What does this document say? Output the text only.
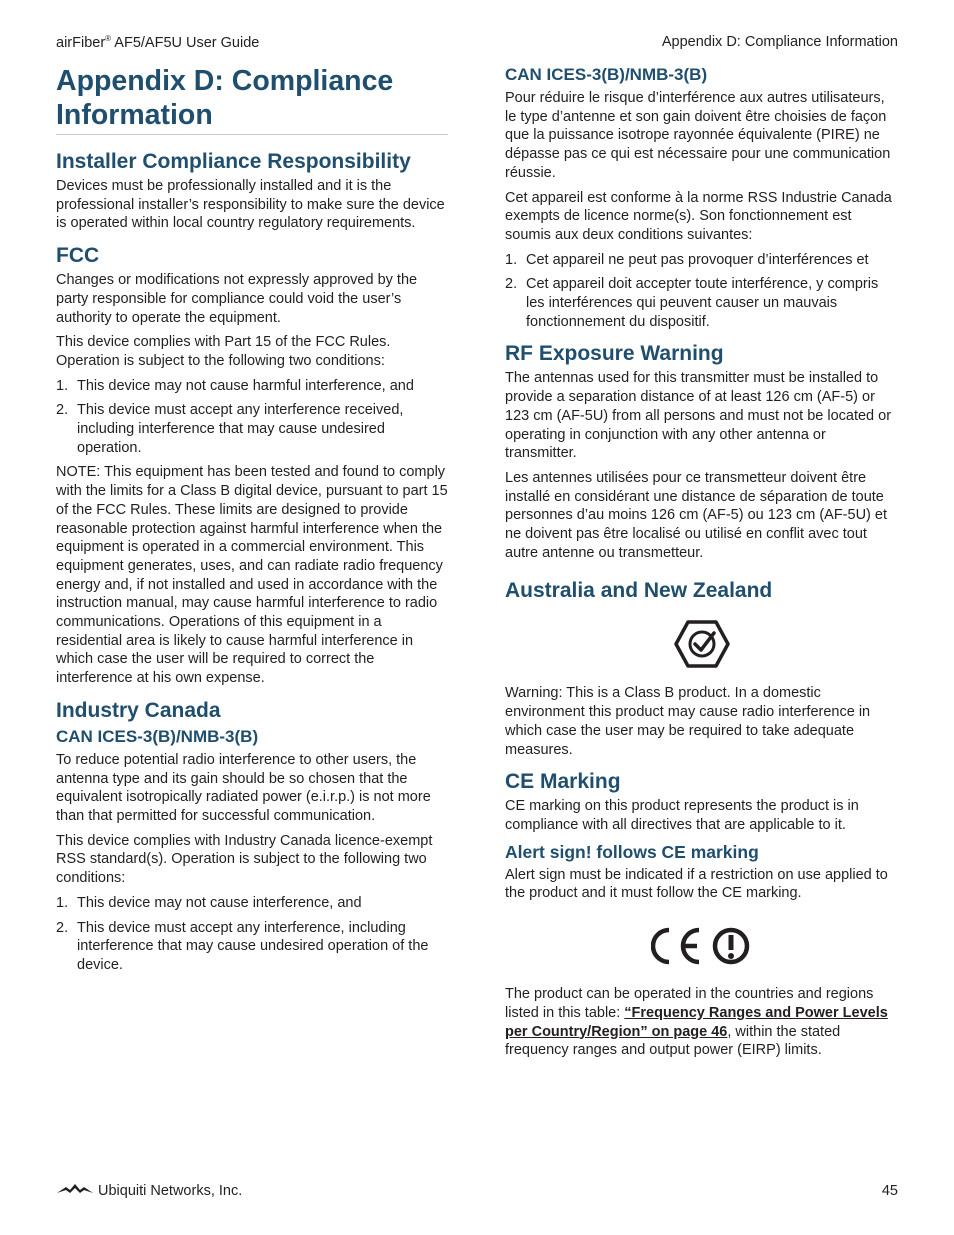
airFiber® AF5/AF5U User Guide	Appendix D: Compliance Information
Appendix D: Compliance Information
Installer Compliance Responsibility

Devices must be professionally installed and it is the professional installer’s responsibility to make sure the device is operated within local country regulatory requirements.

FCC

Changes or modifications not expressly approved by the party responsible for compliance could void the user’s authority to operate the equipment.

This device complies with Part 15 of the FCC Rules. Operation is subject to the following two conditions:

1. This device may not cause harmful interference, and
2. This device must accept any interference received, including interference that may cause undesired operation.

NOTE: This equipment has been tested and found to comply with the limits for a Class B digital device, pursuant to part 15 of the FCC Rules. These limits are designed to provide reasonable protection against harmful interference when the equipment is operated in a commercial environment. This equipment generates, uses, and can radiate radio frequency energy and, if not installed and used in accordance with the instruction manual, may cause harmful interference to radio communications. Operations of this equipment in a residential area is likely to cause harmful interference in which case the user will be required to correct the interference at his own expense.

Industry Canada
CAN ICES-3(B)/NMB-3(B)

To reduce potential radio interference to other users, the antenna type and its gain should be so chosen that the equivalent isotropically radiated power (e.i.r.p.) is not more than that permitted for successful communication.

This device complies with Industry Canada licence-exempt RSS standard(s). Operation is subject to the following two conditions:

1. This device may not cause interference, and
2. This device must accept any interference, including interference that may cause undesired operation of the device.
CAN ICES-3(B)/NMB-3(B)

Pour réduire le risque d’interférence aux autres utilisateurs, le type d’antenne et son gain doivent être choisies de façon que la puissance isotrope rayonnée équivalente (PIRE) ne dépasse pas ce qui est nécessaire pour une communication réussie.

Cet appareil est conforme à la norme RSS Industrie Canada exempts de licence norme(s). Son fonctionnement est soumis aux deux conditions suivantes:

1. Cet appareil ne peut pas provoquer d’interférences et
2. Cet appareil doit accepter toute interférence, y compris les interférences qui peuvent causer un mauvais fonctionnement du dispositif.
RF Exposure Warning

The antennas used for this transmitter must be installed to provide a separation distance of at least 126 cm (AF-5) or 123 cm (AF-5U) from all persons and must not be located or operating in conjunction with any other antenna or transmitter.

Les antennes utilisées pour ce transmetteur doivent être installé en considérant une distance de séparation de toute personnes d’au moins 126 cm (AF-5) ou 123 cm (AF-5U) et ne doivent pas être localisé ou utilisé en conflit avec tout autre antenne ou transmetteur.

Australia and New Zealand

Warning: This is a Class B product. In a domestic environment this product may cause radio interference in which case the user may be required to take adequate measures.

CE Marking

CE marking on this product represents the product is in compliance with all directives that are applicable to it.

Alert sign! follows CE marking

Alert sign must be indicated if a restriction on use applied to the product and it must follow the CE marking.

The product can be operated in the countries and regions listed in this table: “Frequency Ranges and Power Levels per Country/Region” on page 46, within the stated frequency ranges and output power (EIRP) limits.

Ubiquiti Networks, Inc.	45
